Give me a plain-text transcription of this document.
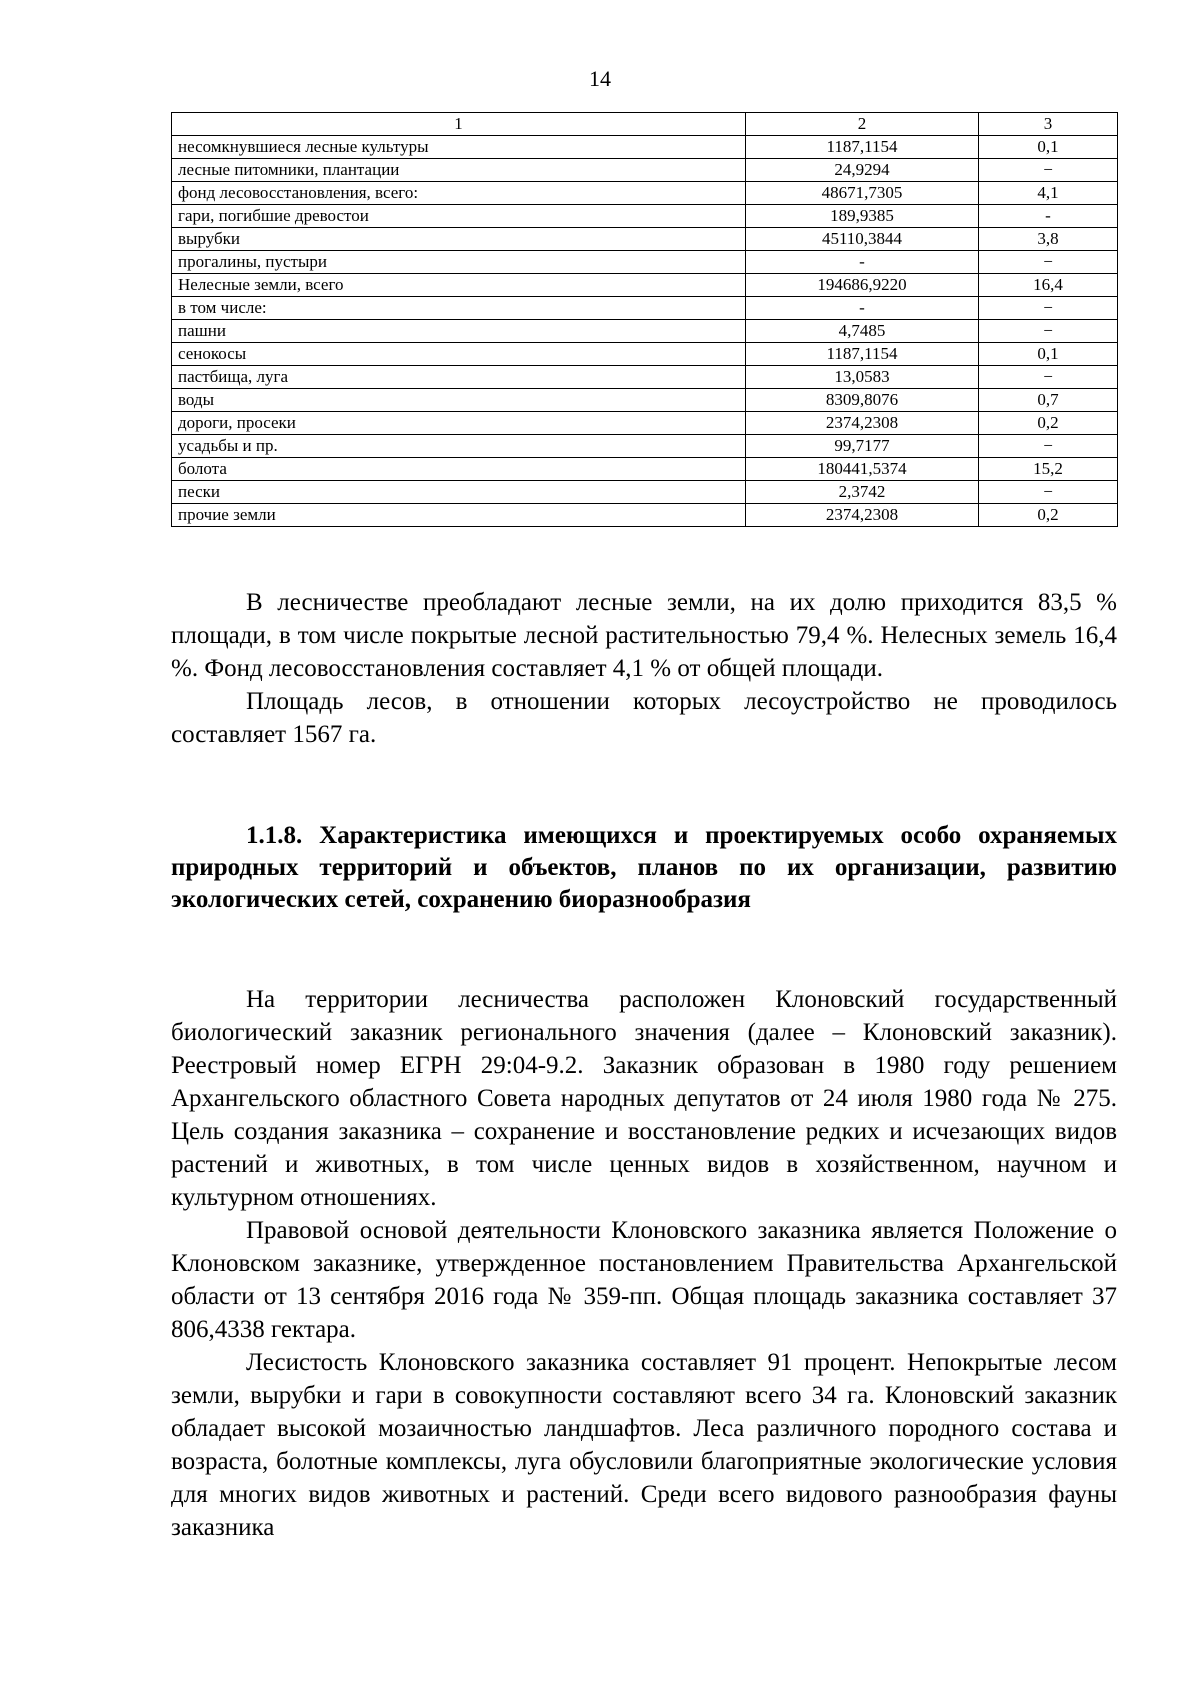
14
1	2	3
несомкнувшиеся лесные культуры	1187,1154	0,1
лесные питомники, плантации	24,9294	−
фонд лесовосстановления, всего:	48671,7305	4,1
гари, погибшие древостои	189,9385	-
вырубки	45110,3844	3,8
прогалины, пустыри	-	−
Нелесные земли, всего	194686,9220	16,4
в том числе:	-	−
пашни	4,7485	−
сенокосы	1187,1154	0,1
пастбища, луга	13,0583	−
воды	8309,8076	0,7
дороги, просеки	2374,2308	0,2
усадьбы и пр.	99,7177	−
болота	180441,5374	15,2
пески	2,3742	−
прочие земли	2374,2308	0,2

В лесничестве преобладают лесные земли, на их долю приходится 83,5 % площади, в том числе покрытые лесной растительностью 79,4 %. Нелесных земель 16,4 %. Фонд лесовосстановления составляет 4,1 % от общей площади.

Площадь лесов, в отношении которых лесоустройство не проводилось составляет 1567 га.

1.1.8. Характеристика имеющихся и проектируемых особо охраняемых природных территорий и объектов, планов по их организации, развитию экологических сетей, сохранению биоразнообразия

На территории лесничества расположен Клоновский государственный биологический заказник регионального значения (далее – Клоновский заказник). Реестровый номер ЕГРН 29:04-9.2. Заказник образован в 1980 году решением Архангельского областного Совета народных депутатов от 24 июля 1980 года № 275. Цель создания заказника – сохранение и восстановление редких и исчезающих видов растений и животных, в том числе ценных видов в хозяйственном, научном и культурном отношениях.

Правовой основой деятельности Клоновского заказника является Положение о Клоновском заказнике, утвержденное постановлением Правительства Архангельской области от 13 сентября 2016 года № 359-пп. Общая площадь заказника составляет 37 806,4338 гектара.

Лесистость Клоновского заказника составляет 91 процент. Непокрытые лесом земли, вырубки и гари в совокупности составляют всего 34 га. Клоновский заказник обладает высокой мозаичностью ландшафтов. Леса различного породного состава и возраста, болотные комплексы, луга обусловили благоприятные экологические условия для многих видов животных и растений. Среди всего видового разнообразия фауны заказника
